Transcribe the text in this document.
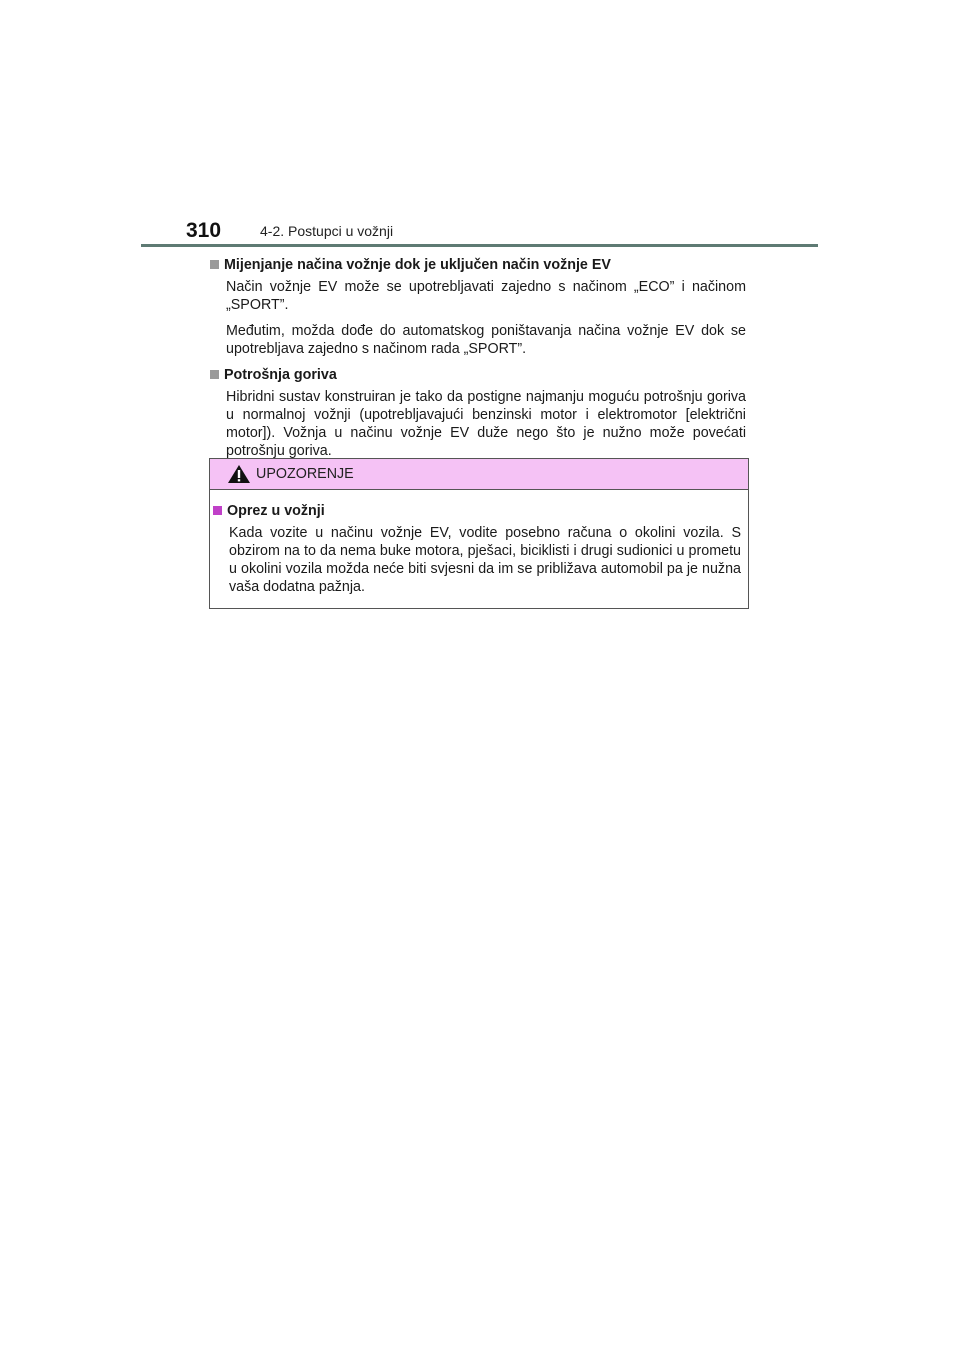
310	4-2. Postupci u vožnji
Mijenjanje načina vožnje dok je uključen način vožnje EV

Način vožnje EV može se upotrebljavati zajedno s načinom „ECO” i načinom „SPORT”.

Međutim, možda dođe do automatskog poništavanja načina vožnje EV dok se upotrebljava zajedno s načinom rada „SPORT”.

Potrošnja goriva

Hibridni sustav konstruiran je tako da postigne najmanju moguću potrošnju goriva u normalnoj vožnji (upotrebljavajući benzinski motor i elektromotor [električni motor]). Vožnja u načinu vožnje EV duže nego što je nužno može povećati potrošnju goriva.

UPOZORENJE
Oprez u vožnji

Kada vozite u načinu vožnje EV, vodite posebno računa o okolini vozila. S obzirom na to da nema buke motora, pješaci, biciklisti i drugi sudionici u prometu u okolini vozila možda neće biti svjesni da im se približava automobil pa je nužna vaša dodatna pažnja.
